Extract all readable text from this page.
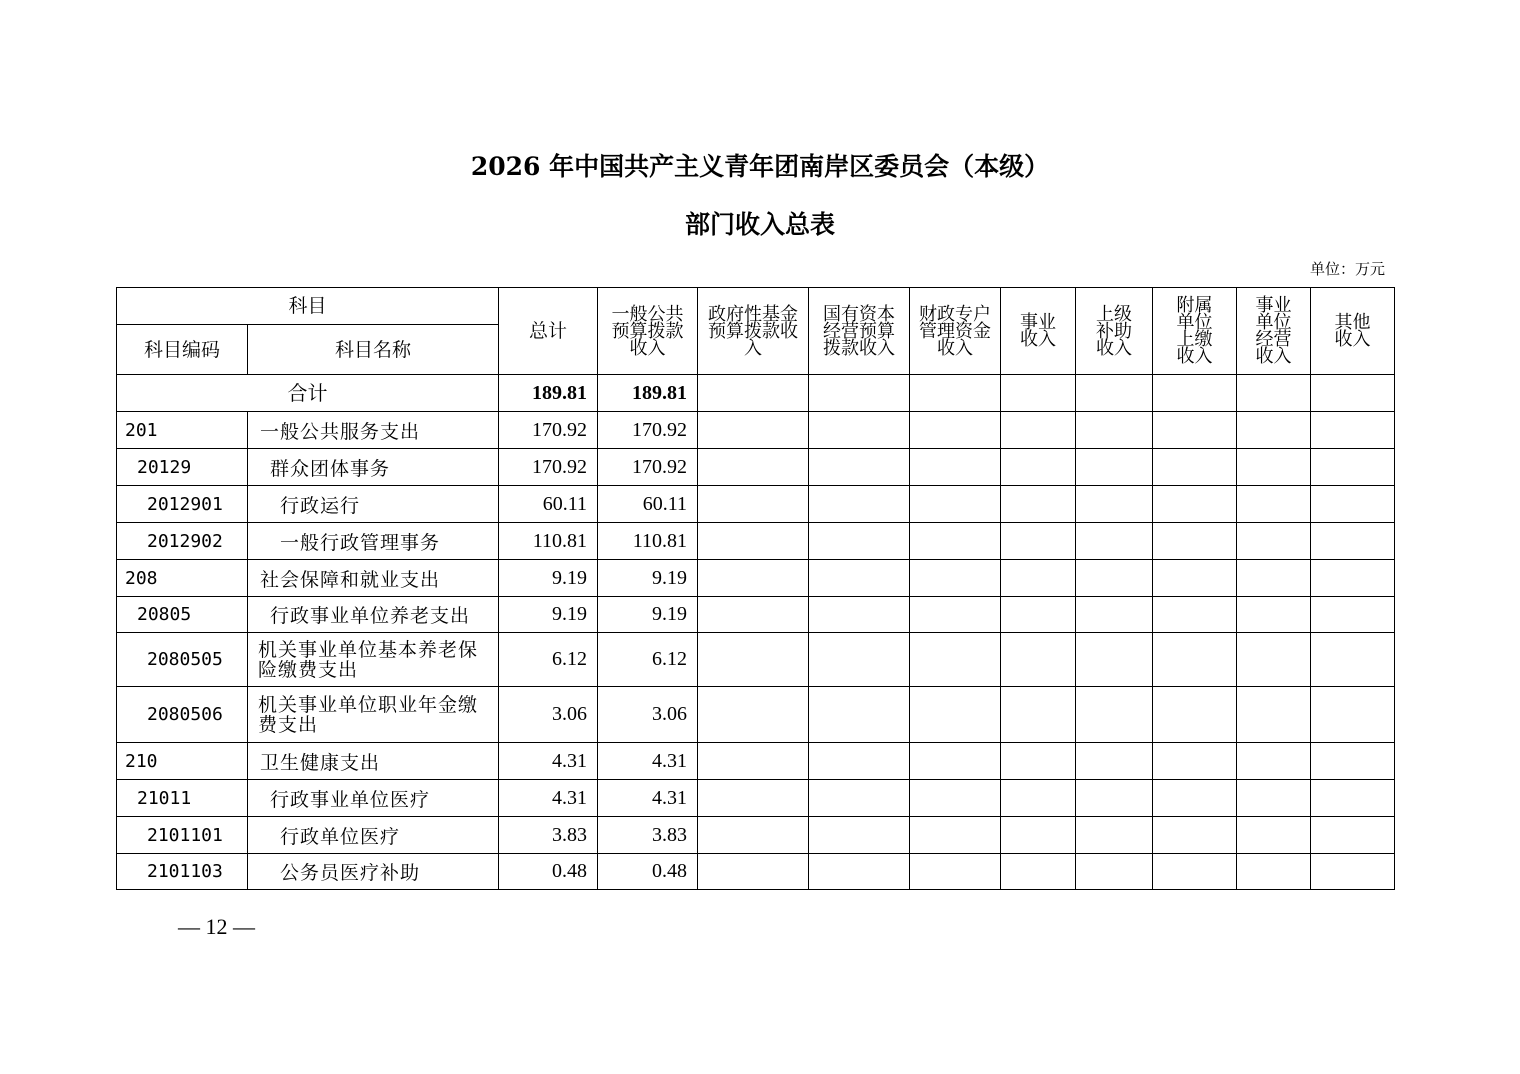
2026 年中国共产主义青年团南岸区委员会（本级）
部门收入总表
单位：万元
科目		总计	一般公共预算拨款收入	政府性基金预算拨款收入	国有资本经营预算拨款收入	财政专户管理资金收入	事业收入	上级补助收入	附属单位上缴收入	事业单位经营收入	其他收入
科目编码	科目名称										
合计		189.81	189.81								
201	一般公共服务支出	170.92	170.92								
20129	群众团体事务	170.92	170.92								
2012901	行政运行	60.11	60.11								
2012902	一般行政管理事务	110.81	110.81								
208	社会保障和就业支出	9.19	9.19								
20805	行政事业单位养老支出	9.19	9.19								
2080505	机关事业单位基本养老保险缴费支出	6.12	6.12								
2080506	机关事业单位职业年金缴费支出	3.06	3.06								
210	卫生健康支出	4.31	4.31								
21011	行政事业单位医疗	4.31	4.31								
2101101	行政单位医疗	3.83	3.83								
2101103	公务员医疗补助	0.48	0.48								
— 12 —
